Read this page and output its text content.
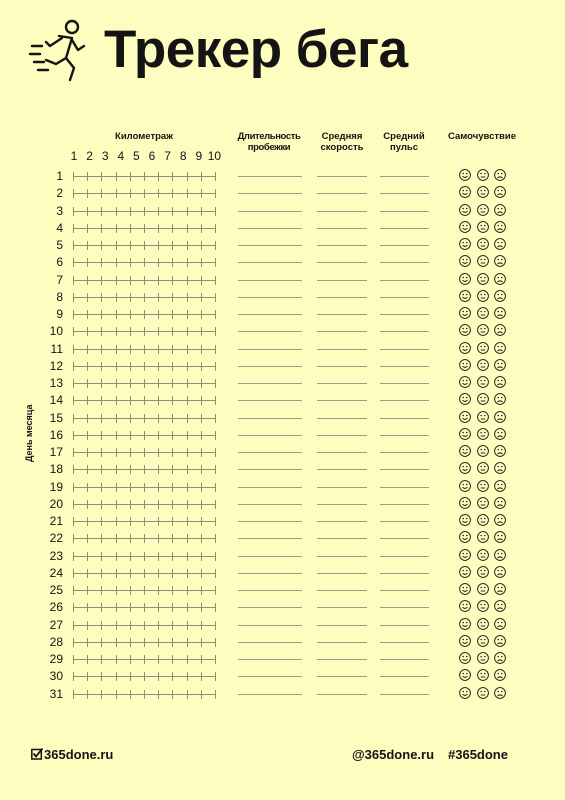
Трекер бега
Километраж	Длительность пробежки
Средняя скорость
Средний пульс
Самочувствие
1 2 3 4 5 6 7 8 9 10
День месяца
1
2
3
4
5
6
7
8
9
10
11
12
13
14
15
16
17
18
19
20
21
22
23
24
25
26
27
28
29
30
31
365done.ru	@365done.ru #365done
